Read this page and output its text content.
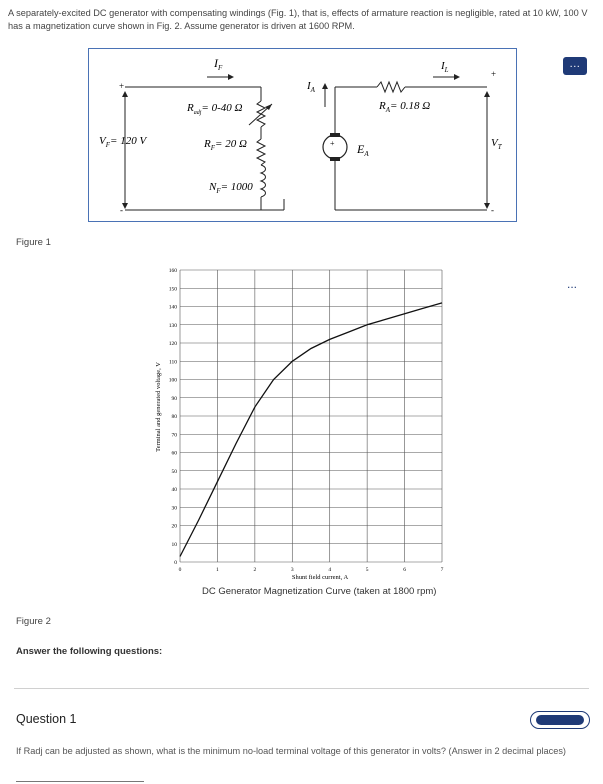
A separately-excited DC generator with compensating windings (Fig. 1), that is, effects of armature reaction is negligible, rated at 10 kW, 100 V has a magnetization curve shown in Fig. 2. Assume generator is driven at 1600 RPM.
+
-
+
-
+
$I_F$
$I_A$
$I_L$
$V_F= 120$ V
$R_{adj}= 0-40$ Ω
$R_F= 20$ Ω
$N_F= 1000$
$R_A= 0.18$ Ω
$E_A$
$V_T$
...
Figure 1
...
0
10
20
30
40
50
60
70
80
90
100
110
120
130
140
150
160
0	1	2	3	4	5	6	7
Shunt field current, A
Terminal and generated voltage, V
DC Generator Magnetization Curve (taken at 1800 rpm)
Figure 2
Answer the following questions:
Question 1
If Radj can be adjusted as shown, what is the minimum no-load terminal voltage of this generator in volts? (Answer in 2 decimal places)
